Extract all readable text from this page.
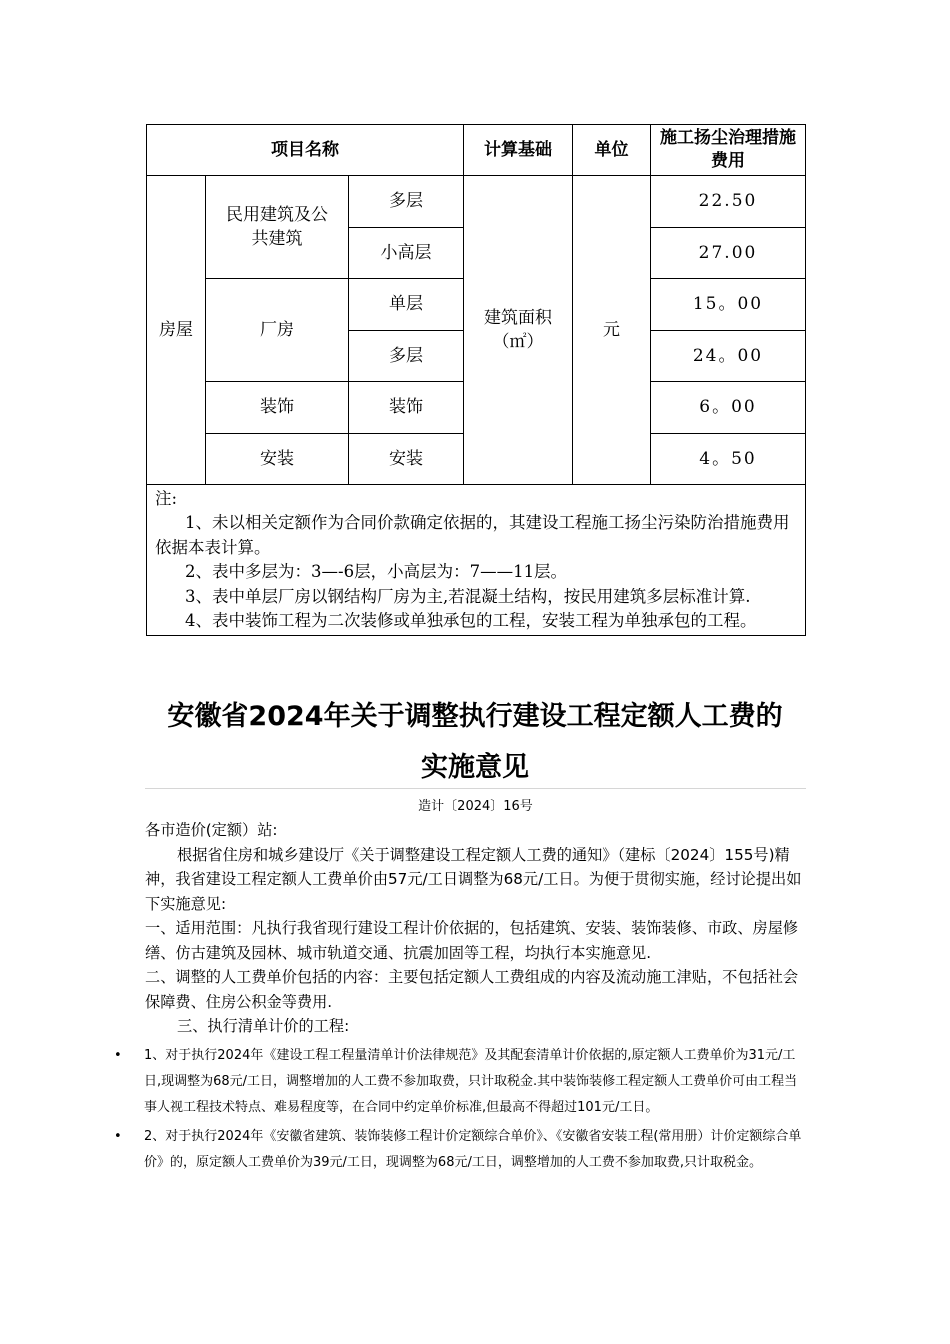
项目名称			计算基础	单位	施工扬尘治理措施费用
房屋	民用建筑及公共建筑	多层	建筑面积（㎡）	元	22.50
		小高层			27.00
	厂房	单层			15。00
		多层			24。00
	装饰	装饰			6。00
	安装	安装			4。50

注:
1、未以相关定额作为合同价款确定依据的，其建设工程施工扬尘污染防治措施费用依据本表计算。
2、表中多层为：3—-6层，小高层为：7——11层。
3、表中单层厂房以钢结构厂房为主,若混凝土结构，按民用建筑多层标准计算.
4、表中装饰工程为二次装修或单独承包的工程，安装工程为单独承包的工程。					
安徽省2024年关于调整执行建设工程定额人工费的
实施意见
造计〔2024〕16号

各市造价(定额）站:

根据省住房和城乡建设厅《关于调整建设工程定额人工费的通知》（建标〔2024〕155号)精神，我省建设工程定额人工费单价由57元/工日调整为68元/工日。为便于贯彻实施，经讨论提出如下实施意见:

一、适用范围：凡执行我省现行建设工程计价依据的，包括建筑、安装、装饰装修、市政、房屋修缮、仿古建筑及园林、城市轨道交通、抗震加固等工程，均执行本实施意见.

二、调整的人工费单价包括的内容：主要包括定额人工费组成的内容及流动施工津贴，不包括社会保障费、住房公积金等费用.

三、执行清单计价的工程:

• 1、对于执行2024年《建设工程工程量清单计价法律规范》及其配套清单计价依据的,原定额人工费单价为31元/工日,现调整为68元/工日，调整增加的人工费不参加取费，只计取税金.其中装饰装修工程定额人工费单价可由工程当事人视工程技术特点、难易程度等，在合同中约定单价标准,但最高不得超过101元/工日。
• 2、对于执行2024年《安徽省建筑、装饰装修工程计价定额综合单价》、《安徽省安装工程(常用册）计价定额综合单价》的，原定额人工费单价为39元/工日，现调整为68元/工日，调整增加的人工费不参加取费,只计取税金。
